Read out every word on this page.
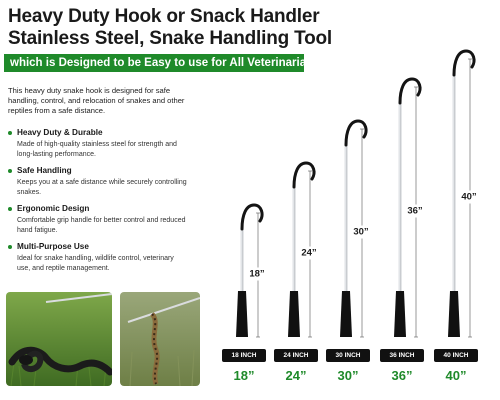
Heavy Duty Hook or Snack Handler
Stainless Steel, Snake Handling Tool
which is Designed to be Easy to use for All Veterinarians
This heavy duty snake hook is designed for safe handling, control, and relocation of snakes and other reptiles from a safe distance.
Heavy Duty & Durable
Made of high-quality stainless steel for strength and long-lasting performance.
Safe Handling
Keeps you at a safe distance while securely controlling snakes.
Ergonomic Design
Comfortable grip handle for better control and reduced hand fatigue.
Multi-Purpose Use
Ideal for snake handling, wildlife control, veterinary use, and reptile management.
18”
18 INCH
18”
24”
24 INCH
24”
30”
30 INCH
30”
36”
36 INCH
36”
40”
40 INCH
40”
